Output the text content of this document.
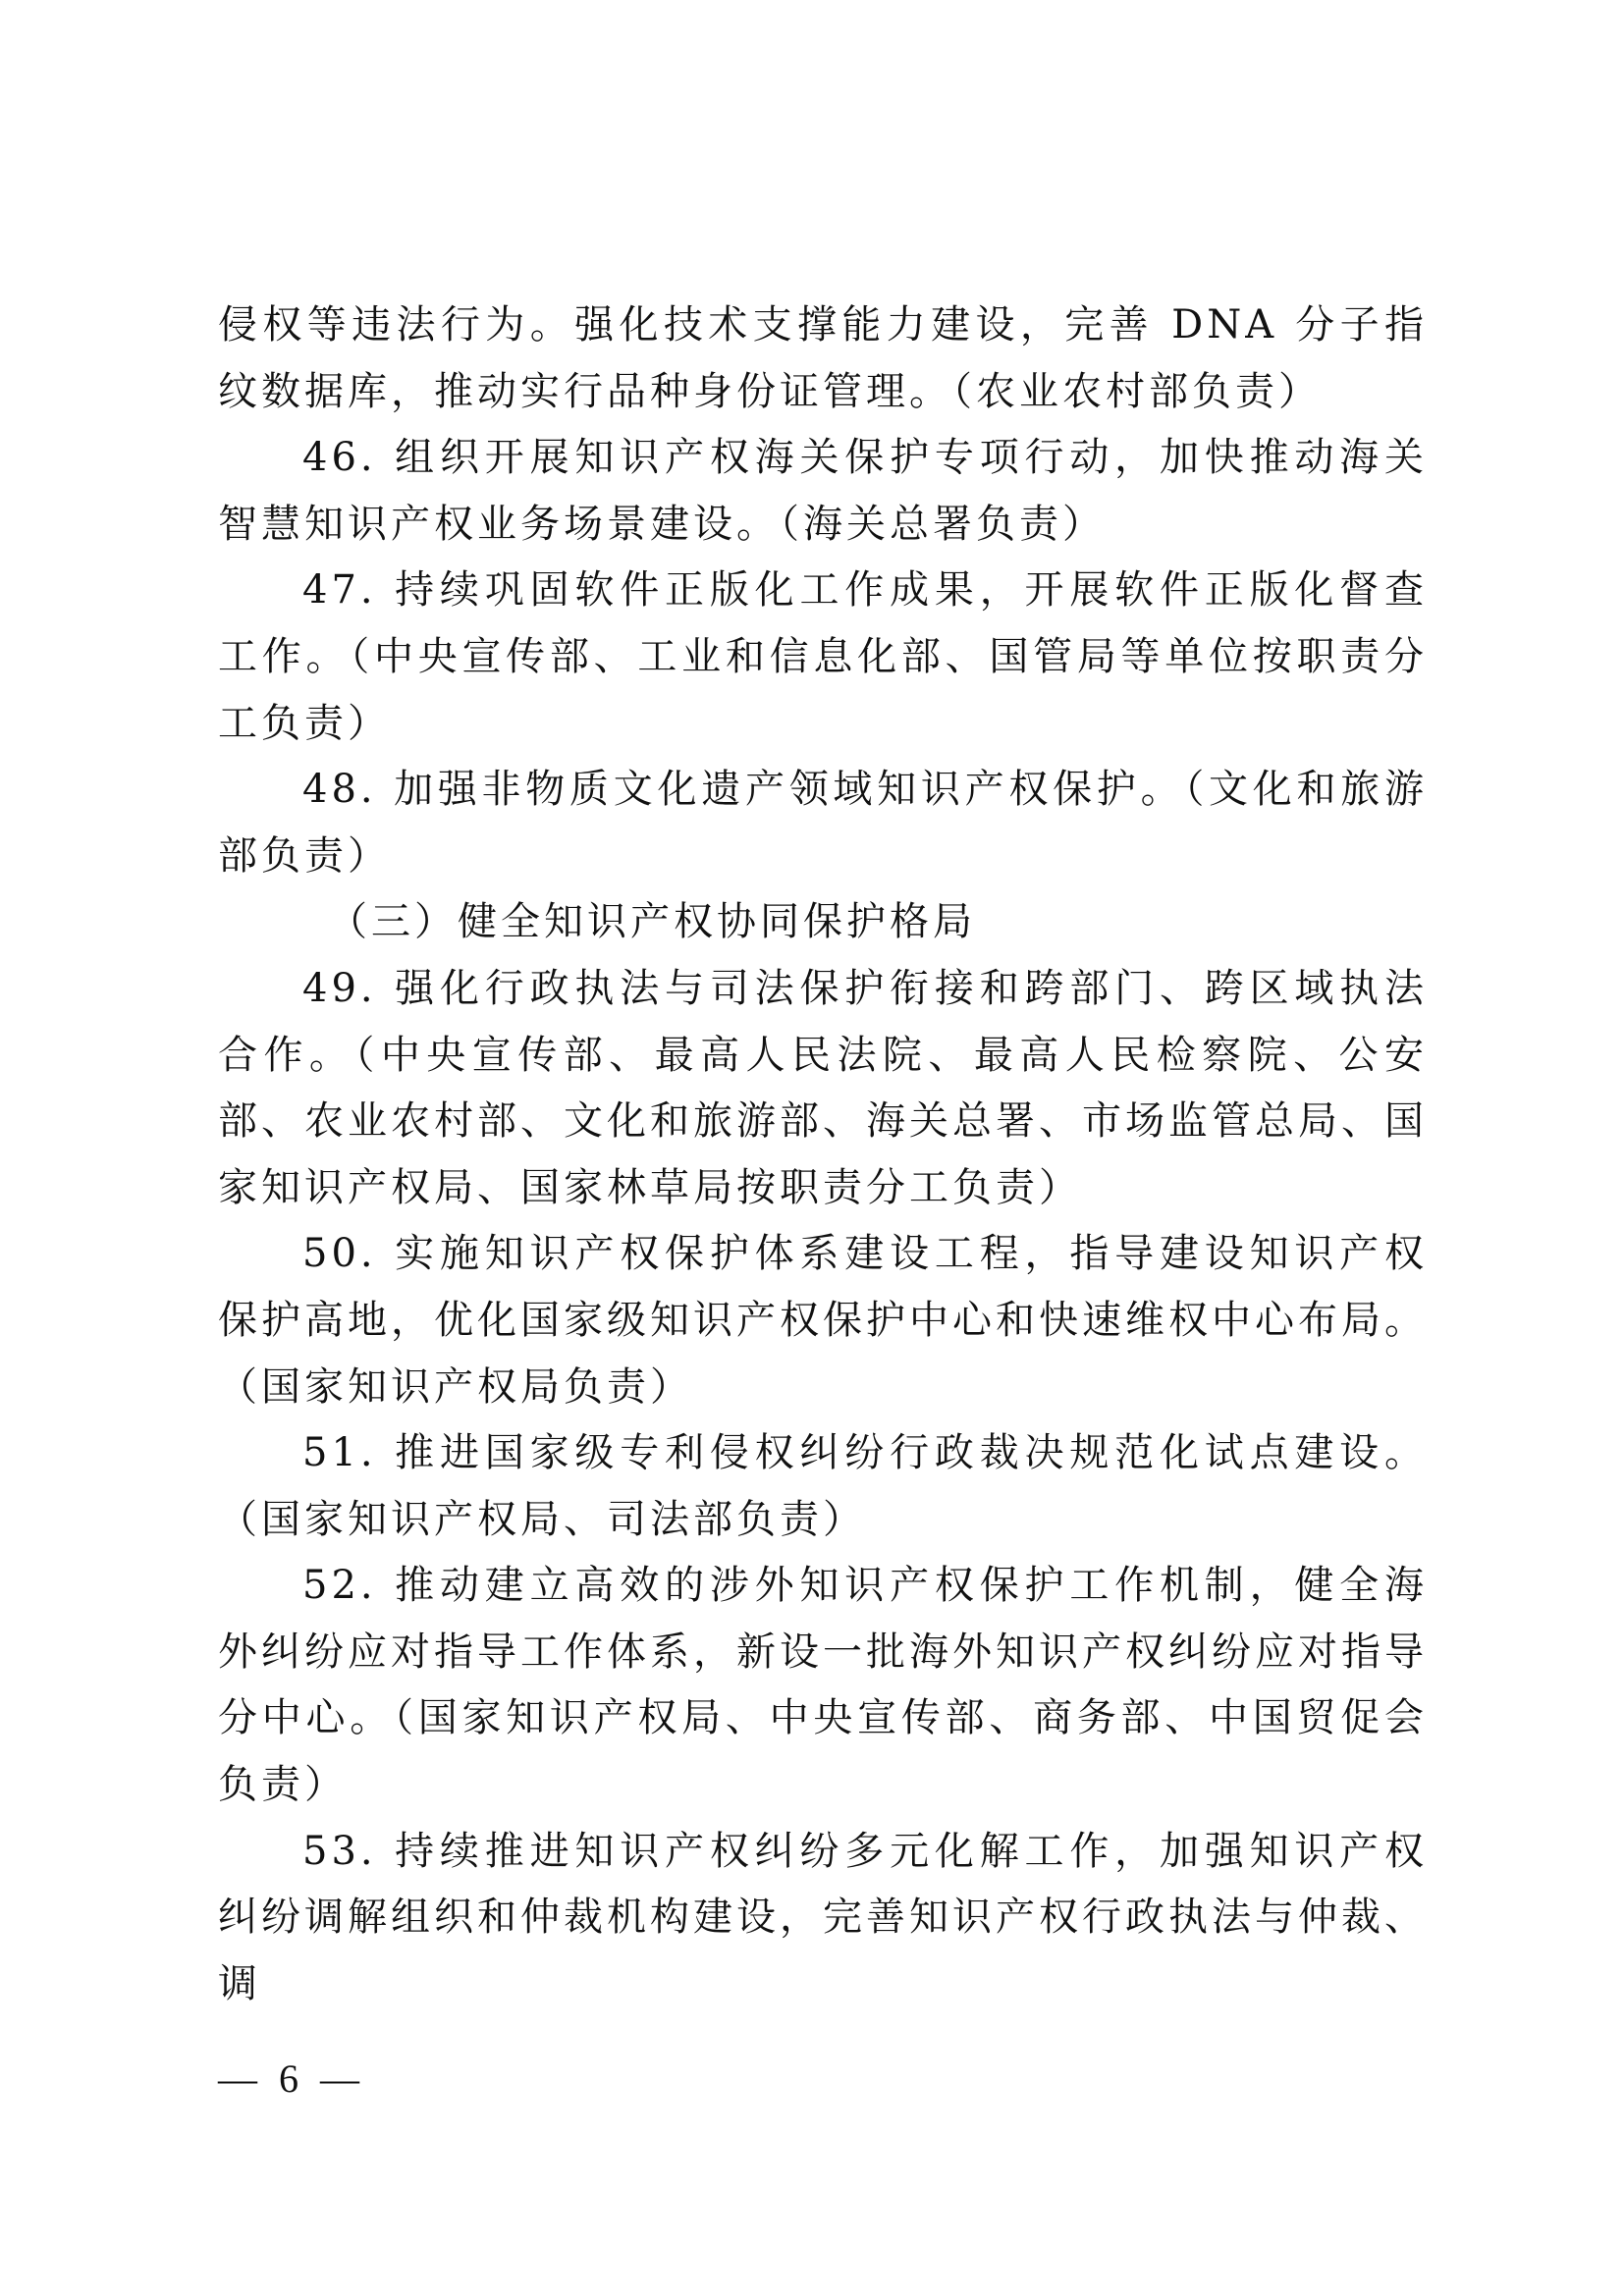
侵权等违法行为。强化技术支撑能力建设，完善 DNA 分子指纹数据库，推动实行品种身份证管理。（农业农村部负责）

46. 组织开展知识产权海关保护专项行动，加快推动海关智慧知识产权业务场景建设。（海关总署负责）

47. 持续巩固软件正版化工作成果，开展软件正版化督查工作。（中央宣传部、工业和信息化部、国管局等单位按职责分工负责）

48. 加强非物质文化遗产领域知识产权保护。（文化和旅游部负责）

（三）健全知识产权协同保护格局

49. 强化行政执法与司法保护衔接和跨部门、跨区域执法合作。（中央宣传部、最高人民法院、最高人民检察院、公安部、农业农村部、文化和旅游部、海关总署、市场监管总局、国家知识产权局、国家林草局按职责分工负责）

50. 实施知识产权保护体系建设工程，指导建设知识产权保护高地，优化国家级知识产权保护中心和快速维权中心布局。（国家知识产权局负责）

51. 推进国家级专利侵权纠纷行政裁决规范化试点建设。（国家知识产权局、司法部负责）

52. 推动建立高效的涉外知识产权保护工作机制，健全海外纠纷应对指导工作体系，新设一批海外知识产权纠纷应对指导分中心。（国家知识产权局、中央宣传部、商务部、中国贸促会负责）

53. 持续推进知识产权纠纷多元化解工作，加强知识产权纠纷调解组织和仲裁机构建设，完善知识产权行政执法与仲裁、调

— 6 —
